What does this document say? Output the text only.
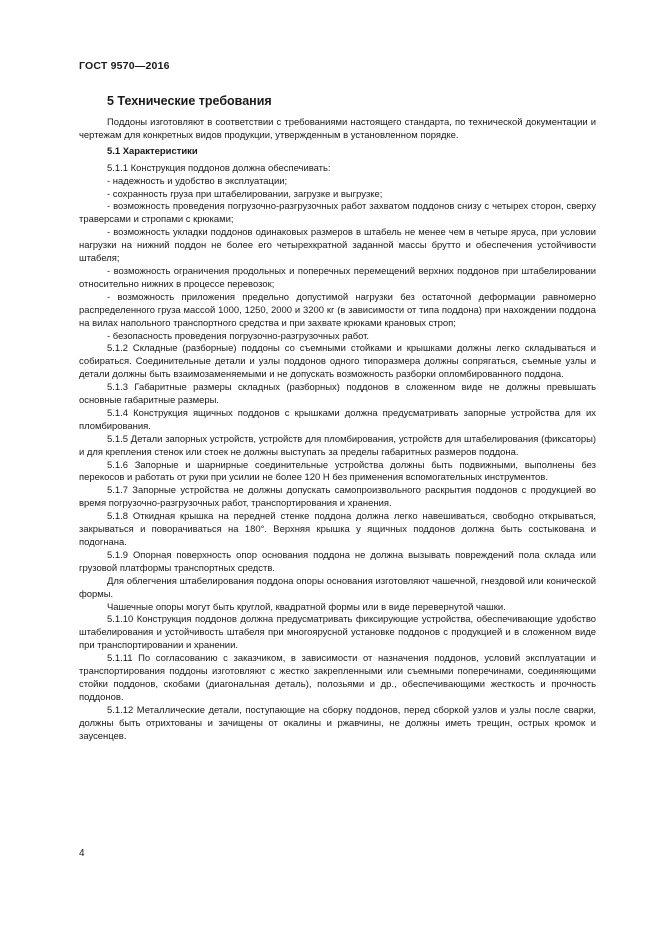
ГОСТ 9570—2016
5 Технические требования

Поддоны изготовляют в соответствии с требованиями настоящего стандарта, по технической документации и чертежам для конкретных видов продукции, утвержденным в установленном порядке.

5.1 Характеристики

5.1.1 Конструкция поддонов должна обеспечивать:

- надежность и удобство в эксплуатации;

- сохранность груза при штабелировании, загрузке и выгрузке;

- возможность проведения погрузочно-разгрузочных работ захватом поддонов снизу с четырех сторон, сверху траверсами и стропами с крюками;

- возможность укладки поддонов одинаковых размеров в штабель не менее чем в четыре яруса, при условии нагрузки на нижний поддон не более его четырехкратной заданной массы брутто и обеспечения устойчивости штабеля;

- возможность ограничения продольных и поперечных перемещений верхних поддонов при штабелировании относительно нижних в процессе перевозок;

- возможность приложения предельно допустимой нагрузки без остаточной деформации равномерно распределенного груза массой 1000, 1250, 2000 и 3200 кг (в зависимости от типа поддона) при нахождении поддона на вилах напольного транспортного средства и при захвате крюками крановых строп;

- безопасность проведения погрузочно-разгрузочных работ.

5.1.2 Складные (разборные) поддоны со съемными стойками и крышками должны легко складываться и собираться. Соединительные детали и узлы поддонов одного типоразмера должны сопрягаться, съемные узлы и детали должны быть взаимозаменяемыми и не допускать возможность разборки опломбированного поддона.

5.1.3 Габаритные размеры складных (разборных) поддонов в сложенном виде не должны превышать основные габаритные размеры.

5.1.4 Конструкция ящичных поддонов с крышками должна предусматривать запорные устройства для их пломбирования.

5.1.5 Детали запорных устройств, устройств для пломбирования, устройств для штабелирования (фиксаторы) и для крепления стенок или стоек не должны выступать за пределы габаритных размеров поддона.

5.1.6 Запорные и шарнирные соединительные устройства должны быть подвижными, выполнены без перекосов и работать от руки при усилии не более 120 Н без применения вспомогательных инструментов.

5.1.7 Запорные устройства не должны допускать самопроизвольного раскрытия поддонов с продукцией во время погрузочно-разгрузочных работ, транспортирования и хранения.

5.1.8 Откидная крышка на передней стенке поддона должна легко навешиваться, свободно открываться, закрываться и поворачиваться на 180°. Верхняя крышка у ящичных поддонов должна быть состыкована и подогнана.

5.1.9 Опорная поверхность опор основания поддона не должна вызывать повреждений пола склада или грузовой платформы транспортных средств.

Для облегчения штабелирования поддона опоры основания изготовляют чашечной, гнездовой или конической формы.

Чашечные опоры могут быть круглой, квадратной формы или в виде перевернутой чашки.

5.1.10 Конструкция поддонов должна предусматривать фиксирующие устройства, обеспечивающие удобство штабелирования и устойчивость штабеля при многоярусной установке поддонов с продукцией и в сложенном виде при транспортировании и хранении.

5.1.11 По согласованию с заказчиком, в зависимости от назначения поддонов, условий эксплуатации и транспортирования поддоны изготовляют с жестко закрепленными или съемными поперечинами, соединяющими стойки поддонов, скобами (диагональная деталь), полозьями и др., обеспечивающими жесткость и прочность поддонов.

5.1.12 Металлические детали, поступающие на сборку поддонов, перед сборкой узлов и узлы после сварки, должны быть отрихтованы и зачищены от окалины и ржавчины, не должны иметь трещин, острых кромок и заусенцев.

4
